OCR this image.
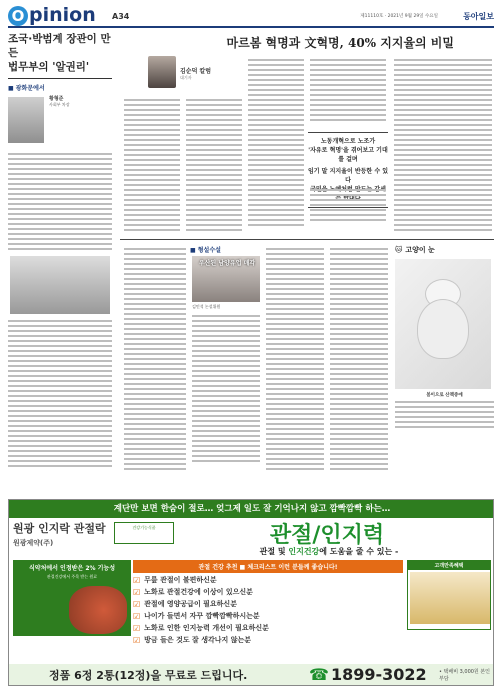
O pinion A34	제11110호 · 2021년 9월 29일 수요일	동아일보
조국·박범계 장관이 만든
법무부의 '알권리'
■ 광화문에서
황형준
사회부 차장
마르봄 혁명과 文혁명, 40% 지지율의 비밀
김순덕 칼럼
대기자
노동개혁으로 노조가
'자유로 혁명'을 겪어보고 기대를 걸며
임기 말 지지율이 반등한 수 있다
■ 형설수설
우산된 남양유업 매각
김민석 논설위원
🐱 고양이 눈
봄이으로 산책중에
계단만 보면 한숨이 절로… 엊그제 일도 잘 기억나지 않고 깜빡깜빡 하는…
원광 인지락 관절락
원광제약(주)
건강기능식품	관절/인지력
관절 및 인지건강에 도움을 줄 수 있는 -
식약처에서 인정받은 2% 기능성
관절건강에서 주목 받는 원료
관절 건강 추천 ■ 체크리스트 이런 분들께 좋습니다!
☑ 무릎 관절이 불편하신분
☑ 노화로 관절건강에 이상이 있으신분
☑ 관절에 영양공급이 필요하신분
☑ 나이가 들면서 자꾸 깜빡깜빡하시는분
☑ 노화로 인한 인지능력 개선이 필요하신분
☑ 방금 들은 것도 잘 생각나지 않는분
고객만족혜택
정품 6정 2통(12정)을 무료로 드립니다.	☎ 1899-3022 • 택배비 3,000원 본인부담
